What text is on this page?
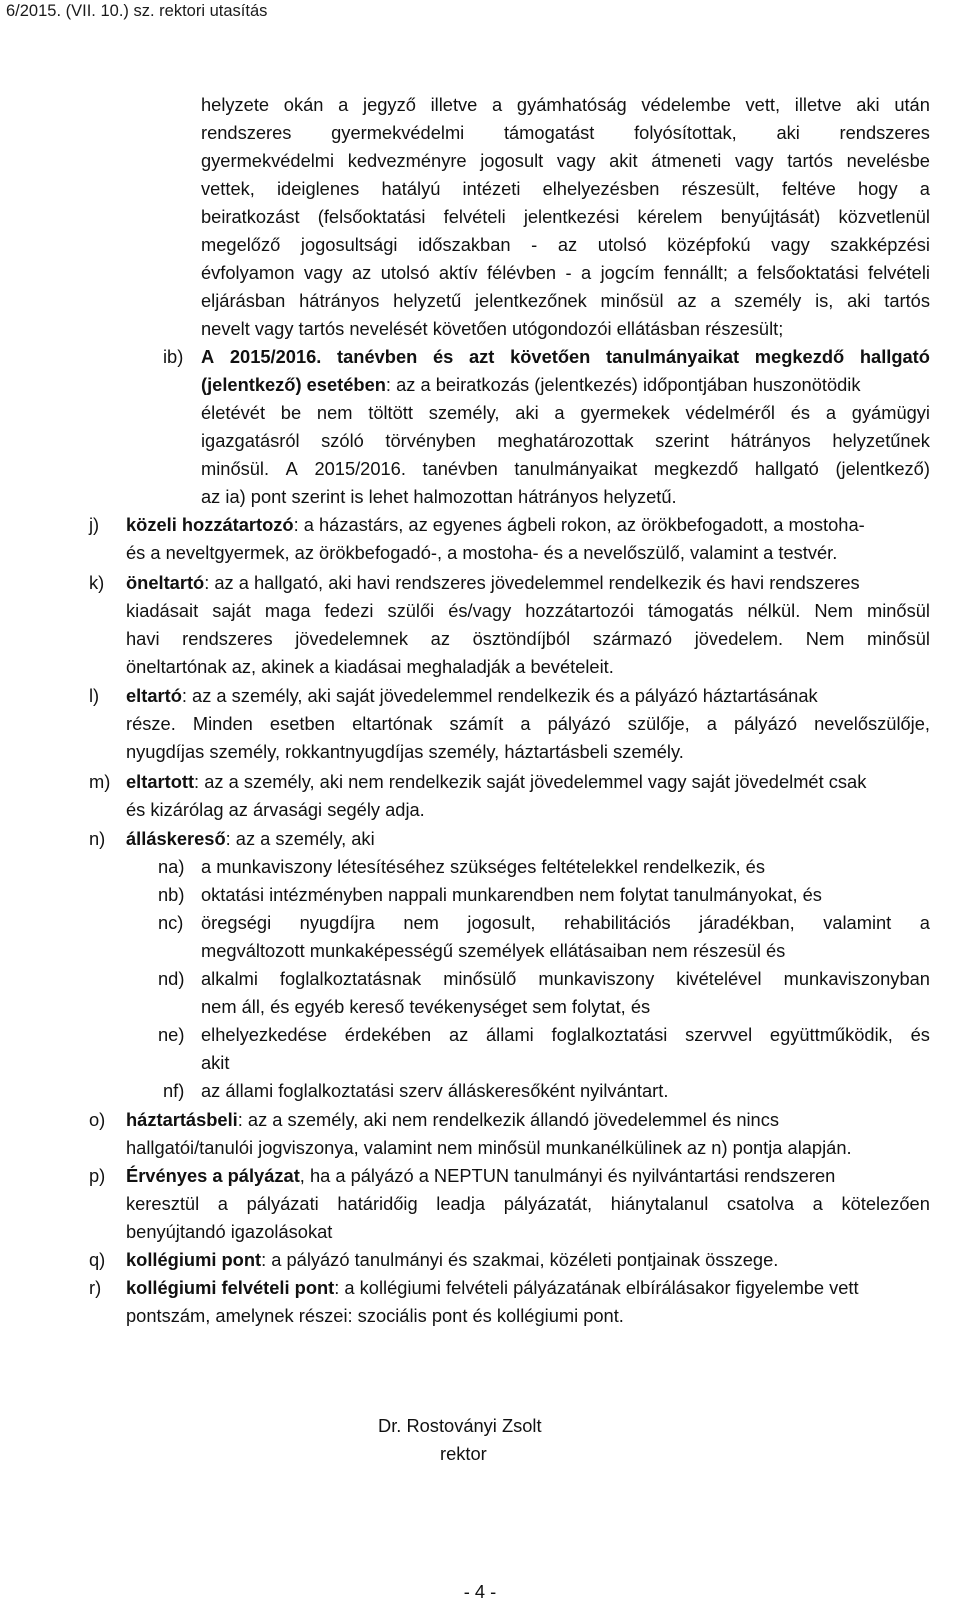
6/2015. (VII. 10.) sz. rektori utasítás
helyzete okán a jegyző illetve a gyámhatóság védelembe vett, illetve aki után
rendszeres gyermekvédelmi támogatást folyósítottak, aki rendszeres
gyermekvédelmi kedvezményre jogosult vagy akit átmeneti vagy tartós nevelésbe
vettek, ideiglenes hatályú intézeti elhelyezésben részesült, feltéve hogy a
beiratkozást (felsőoktatási felvételi jelentkezési kérelem benyújtását) közvetlenül
megelőző jogosultsági időszakban - az utolsó középfokú vagy szakképzési
évfolyamon vagy az utolsó aktív félévben - a jogcím fennállt; a felsőoktatási felvételi
eljárásban hátrányos helyzetű jelentkezőnek minősül az a személy is, aki tartós
nevelt vagy tartós nevelését követően utógondozói ellátásban részesült;
ib) A 2015/2016. tanévben és azt követően tanulmányaikat megkezdő hallgató
(jelentkező) esetében: az a beiratkozás (jelentkezés) időpontjában huszonötödik
életévét be nem töltött személy, aki a gyermekek védelméről és a gyámügyi
igazgatásról szóló törvényben meghatározottak szerint hátrányos helyzetűnek
minősül. A 2015/2016. tanévben tanulmányaikat megkezdő hallgató (jelentkező)
az ia) pont szerint is lehet halmozottan hátrányos helyzetű.
j) közeli hozzátartozó: a házastárs, az egyenes ágbeli rokon, az örökbefogadott, a mostoha-
és a neveltgyermek, az örökbefogadó-, a mostoha- és a nevelőszülő, valamint a testvér.
k) öneltartó: az a hallgató, aki havi rendszeres jövedelemmel rendelkezik és havi rendszeres
kiadásait saját maga fedezi szülői és/vagy hozzátartozói támogatás nélkül. Nem minősül
havi rendszeres jövedelemnek az ösztöndíjból származó jövedelem. Nem minősül
öneltartónak az, akinek a kiadásai meghaladják a bevételeit.
l) eltartó: az a személy, aki saját jövedelemmel rendelkezik és a pályázó háztartásának
része. Minden esetben eltartónak számít a pályázó szülője, a pályázó nevelőszülője,
nyugdíjas személy, rokkantnyugdíjas személy, háztartásbeli személy.
m) eltartott: az a személy, aki nem rendelkezik saját jövedelemmel vagy saját jövedelmét csak
és kizárólag az árvasági segély adja.
n) álláskereső: az a személy, aki
na) a munkaviszony létesítéséhez szükséges feltételekkel rendelkezik, és
nb) oktatási intézményben nappali munkarendben nem folytat tanulmányokat, és
nc) öregségi nyugdíjra nem jogosult, rehabilitációs járadékban, valamint a
megváltozott munkaképességű személyek ellátásaiban nem részesül és
nd) alkalmi foglalkoztatásnak minősülő munkaviszony kivételével munkaviszonyban
nem áll, és egyéb kereső tevékenységet sem folytat, és
ne) elhelyezkedése érdekében az állami foglalkoztatási szervvel együttműködik, és
akit
nf) az állami foglalkoztatási szerv álláskeresőként nyilvántart.
o) háztartásbeli: az a személy, aki nem rendelkezik állandó jövedelemmel és nincs
hallgatói/tanulói jogviszonya, valamint nem minősül munkanélkülinek az n) pontja alapján.
p) Érvényes a pályázat, ha a pályázó a NEPTUN tanulmányi és nyilvántartási rendszeren
keresztül a pályázati határidőig leadja pályázatát, hiánytalanul csatolva a kötelezően
benyújtandó igazolásokat
q) kollégiumi pont: a pályázó tanulmányi és szakmai, közéleti pontjainak összege.
r) kollégiumi felvételi pont: a kollégiumi felvételi pályázatának elbírálásakor figyelembe vett
pontszám, amelynek részei: szociális pont és kollégiumi pont.
Dr. Rostoványi Zsolt
rektor
- 4 -
